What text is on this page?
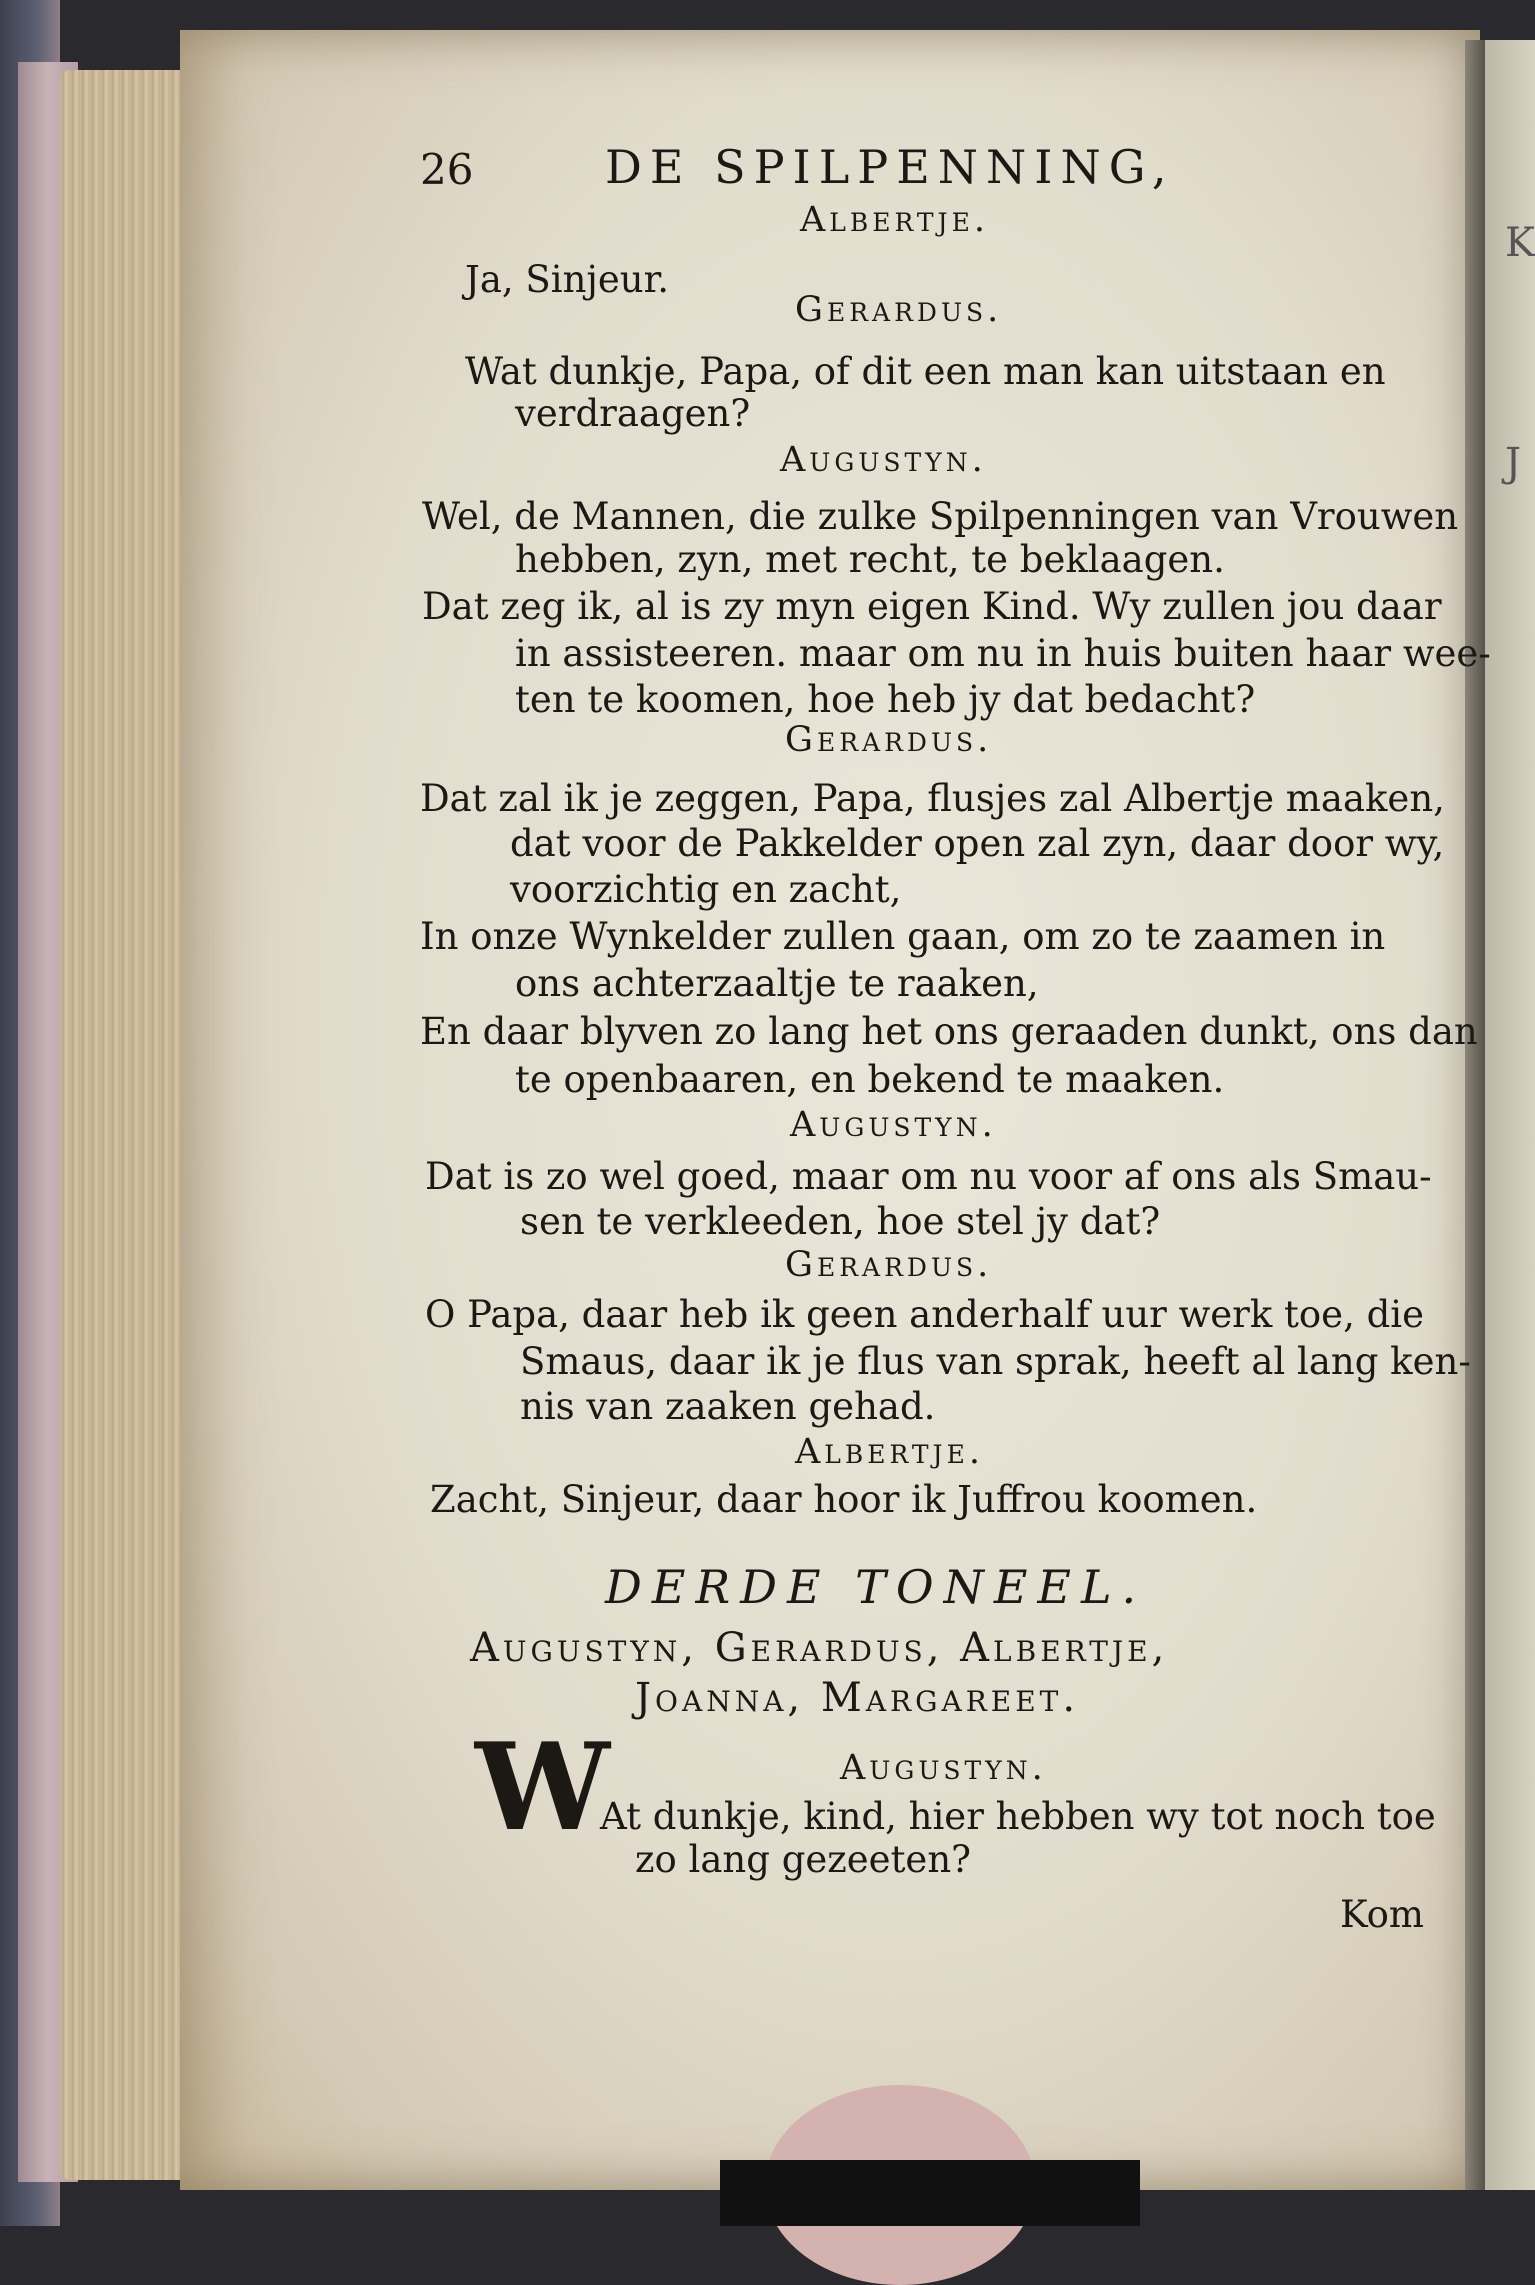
K
J
26	DE SPILPENNING,
Albertje.
Ja, Sinjeur.
Gerardus.
Wat dunkje, Papa, of dit een man kan uitstaan en
verdraagen?
Augustyn.
Wel, de Mannen, die zulke Spilpenningen van Vrouwen
hebben, zyn, met recht, te beklaagen.
Dat zeg ik, al is zy myn eigen Kind. Wy zullen jou daar
in assisteeren. maar om nu in huis buiten haar wee-
ten te koomen, hoe heb jy dat bedacht?
Gerardus.
Dat zal ik je zeggen, Papa, flusjes zal Albertje maaken,
dat voor de Pakkelder open zal zyn, daar door wy,
voorzichtig en zacht,
In onze Wynkelder zullen gaan, om zo te zaamen in
ons achterzaaltje te raaken,
En daar blyven zo lang het ons geraaden dunkt, ons dan
te openbaaren, en bekend te maaken.
Augustyn.
Dat is zo wel goed, maar om nu voor af ons als Smau-
sen te verkleeden, hoe stel jy dat?
Gerardus.
O Papa, daar heb ik geen anderhalf uur werk toe, die
Smaus, daar ik je flus van sprak, heeft al lang ken-
nis van zaaken gehad.
Albertje.
Zacht, Sinjeur, daar hoor ik Juffrou koomen.
DERDE TONEEL.
Augustyn, Gerardus, Albertje,
Joanna, Margareet.
Augustyn.
W
At dunkje, kind, hier hebben wy tot noch toe
zo lang gezeeten?
Kom
